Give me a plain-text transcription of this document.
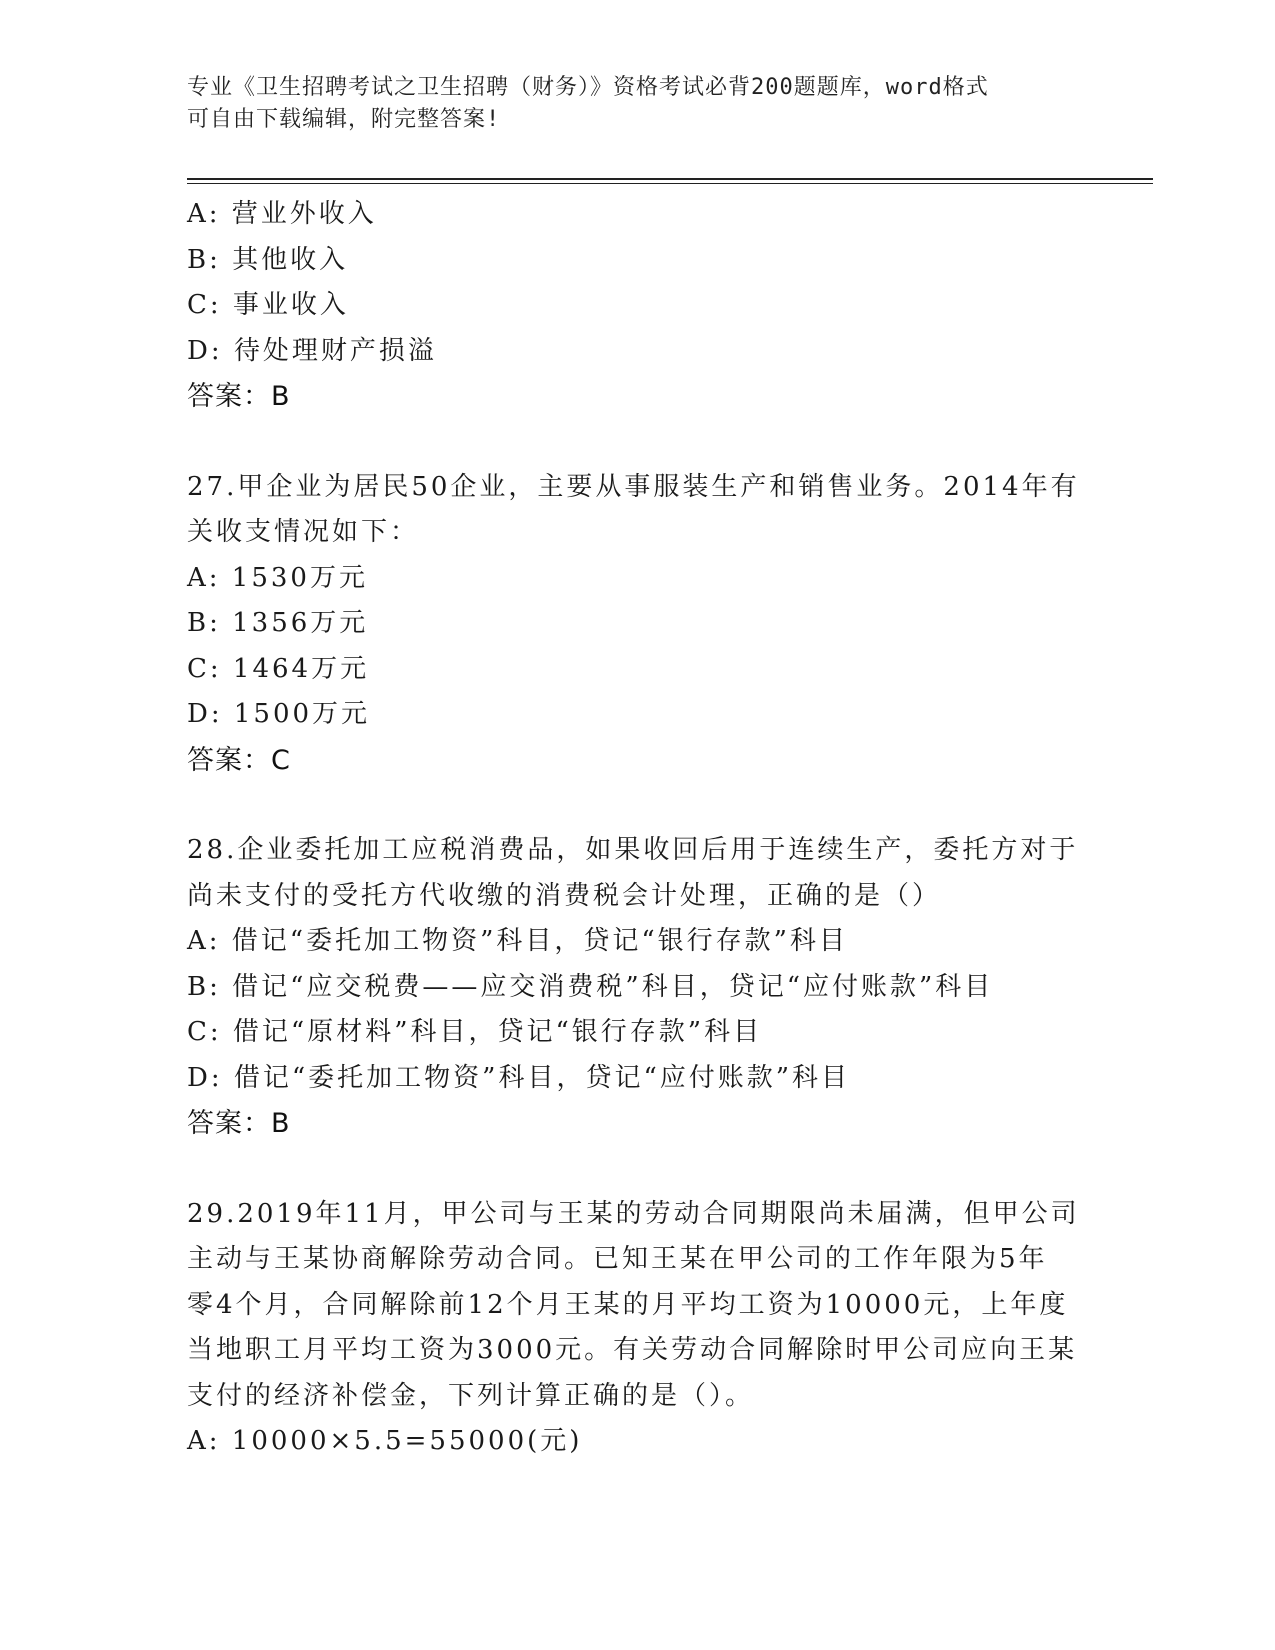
专业《卫生招聘考试之卫生招聘（财务）》资格考试必背200题题库，word格式
可自由下载编辑，附完整答案!
A: 营业外收入
B: 其他收入
C: 事业收入
D: 待处理财产损溢
答案：B
27.甲企业为居民50企业，主要从事服装生产和销售业务。2014年有
关收支情况如下：
A: 1530万元
B: 1356万元
C: 1464万元
D: 1500万元
答案：C
28.企业委托加工应税消费品，如果收回后用于连续生产，委托方对于
尚未支付的受托方代收缴的消费税会计处理，正确的是（）
A: 借记“委托加工物资”科目，贷记“银行存款”科目
B: 借记“应交税费——应交消费税”科目，贷记“应付账款”科目
C: 借记“原材料”科目，贷记“银行存款”科目
D: 借记“委托加工物资”科目，贷记“应付账款”科目
答案：B
29.2019年11月，甲公司与王某的劳动合同期限尚未届满，但甲公司
主动与王某协商解除劳动合同。已知王某在甲公司的工作年限为5年
零4个月，合同解除前12个月王某的月平均工资为10000元，上年度
当地职工月平均工资为3000元。有关劳动合同解除时甲公司应向王某
支付的经济补偿金，下列计算正确的是（）。
A: 10000×5.5=55000(元)
